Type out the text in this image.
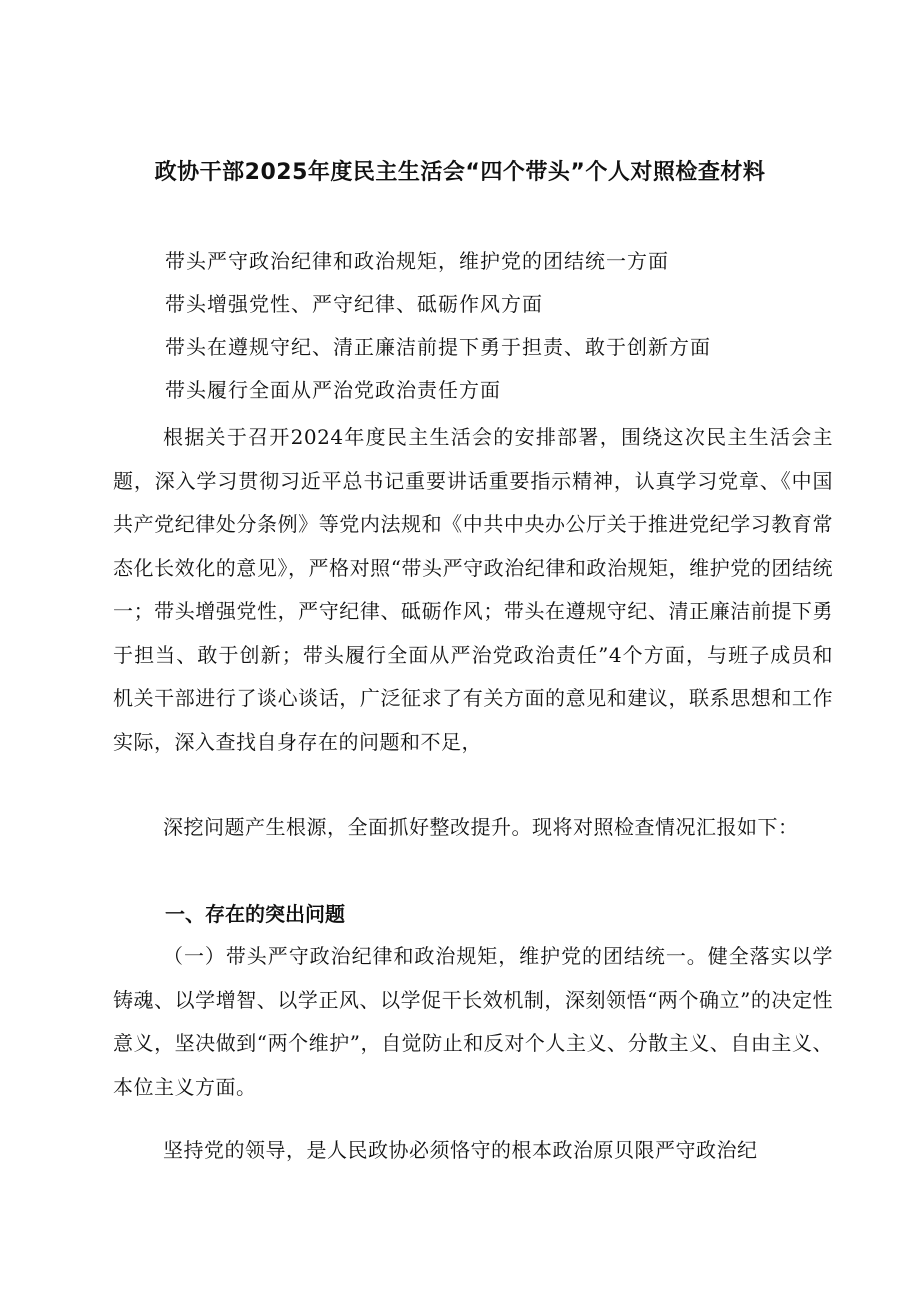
政协干部2025年度民主生活会“四个带头”个人对照检查材料

带头严守政治纪律和政治规矩，维护党的团结统一方面

带头增强党性、严守纪律、砥砺作风方面

带头在遵规守纪、清正廉洁前提下勇于担责、敢于创新方面

带头履行全面从严治党政治责任方面

根据关于召开2024年度民主生活会的安排部署，围绕这次民主生活会主题，深入学习贯彻习近平总书记重要讲话重要指示精神，认真学习党章、《中国共产党纪律处分条例》等党内法规和《中共中央办公厅关于推进党纪学习教育常态化长效化的意见》，严格对照“带头严守政治纪律和政治规矩，维护党的团结统一；带头增强党性，严守纪律、砥砺作风；带头在遵规守纪、清正廉洁前提下勇于担当、敢于创新；带头履行全面从严治党政治责任”4个方面，与班子成员和机关干部进行了谈心谈话，广泛征求了有关方面的意见和建议，联系思想和工作实际，深入查找自身存在的问题和不足，

深挖问题产生根源，全面抓好整改提升。现将对照检查情况汇报如下：

一、存在的突出问题

（一）带头严守政治纪律和政治规矩，维护党的团结统一。健全落实以学铸魂、以学增智、以学正风、以学促干长效机制，深刻领悟“两个确立”的决定性意义，坚决做到“两个维护”，自觉防止和反对个人主义、分散主义、自由主义、本位主义方面。

坚持党的领导，是人民政协必须恪守的根本政治原贝限严守政治纪
